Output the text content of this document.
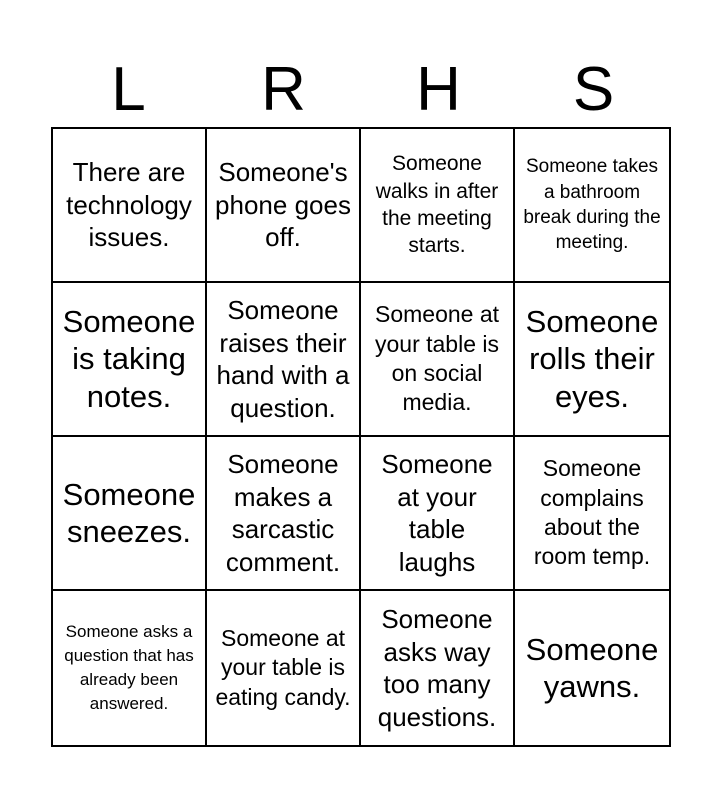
L	R	H	S
There are technology issues.
Someone's phone goes off.
Someone walks in after the meeting starts.
Someone takes a bathroom break during the meeting.
Someone is taking notes.
Someone raises their hand with a question.
Someone at your table is on social media.
Someone rolls their eyes.
Someone sneezes.
Someone makes a sarcastic comment.
Someone at your table laughs
Someone complains about the room temp.
Someone asks a question that has already been answered.
Someone at your table is eating candy.
Someone asks way too many questions.
Someone yawns.
